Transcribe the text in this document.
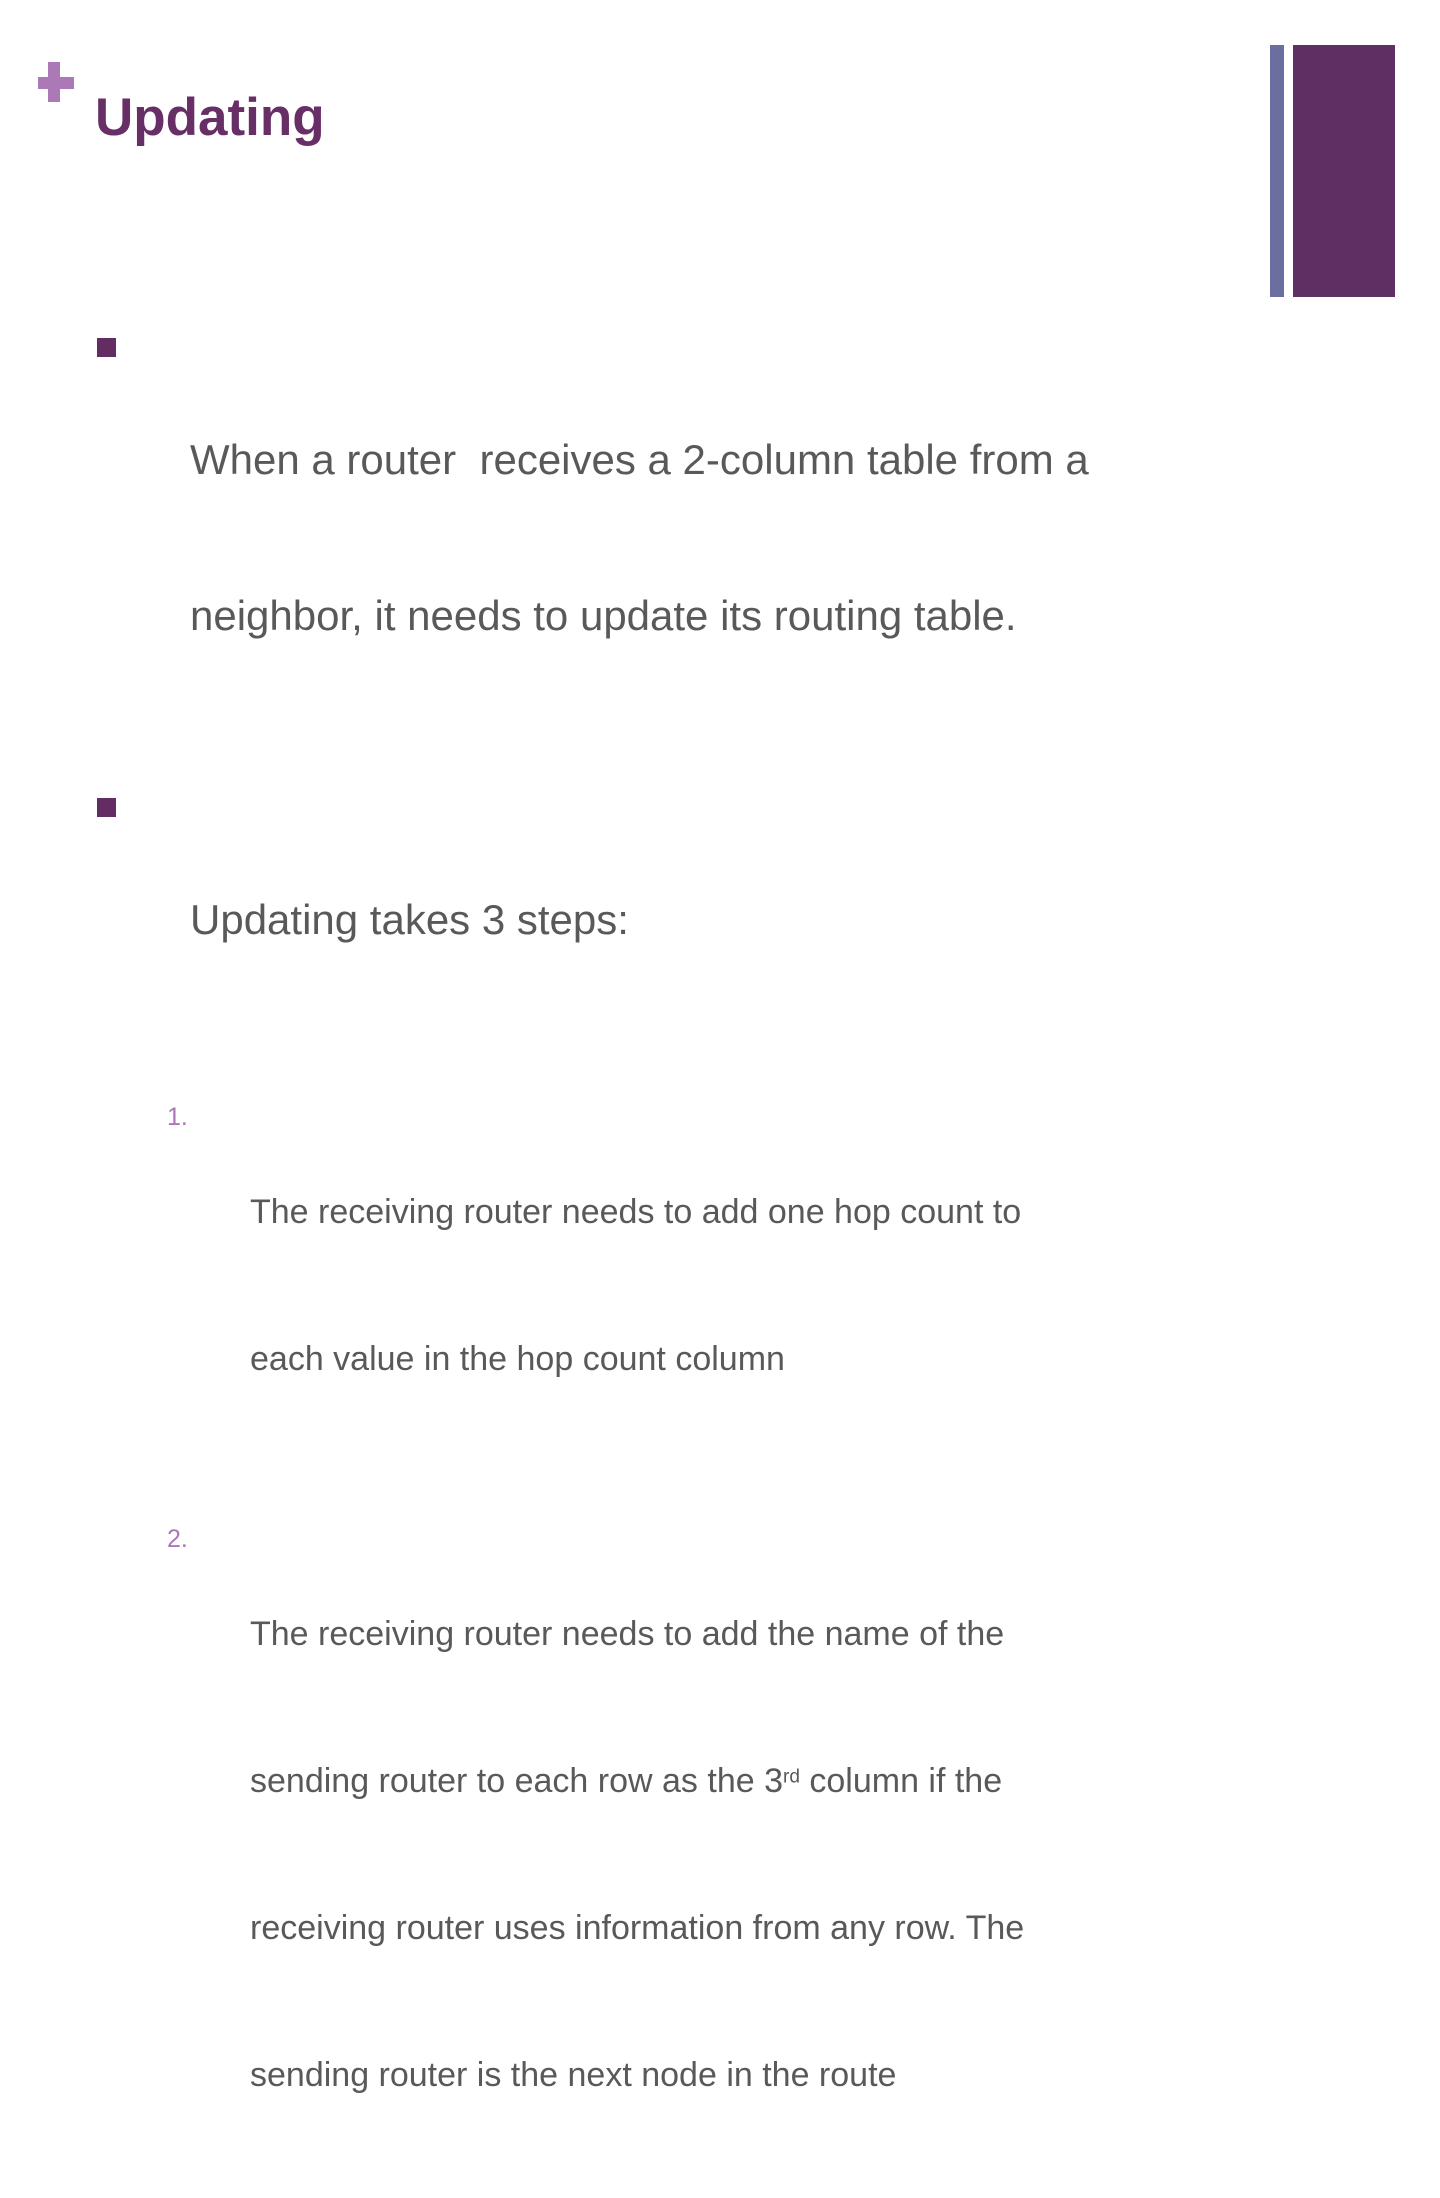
Updating

When a router  receives a 2-column table from a

neighbor, it needs to update its routing table.

Updating takes 3 steps:

1.

The receiving router needs to add one hop count to

each value in the hop count column

2.

The receiving router needs to add the name of the

sending router to each row as the 3rd column if the

receiving router uses information from any row. The

sending router is the next node in the route
